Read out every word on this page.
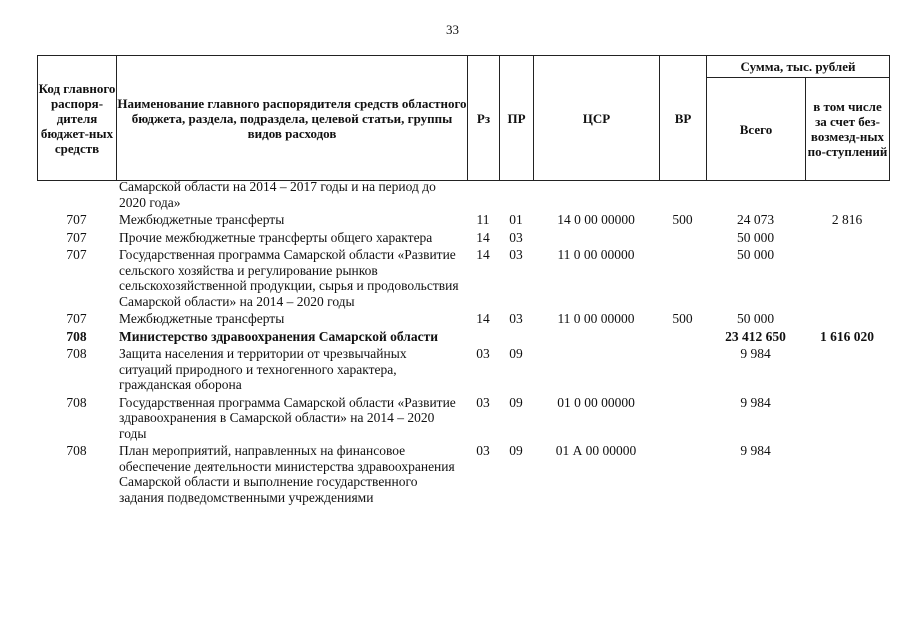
33
Код главного распоря-дителя бюджет-ных средств	Наименование главного распорядителя средств областного бюджета, раздела, подраздела, целевой статьи, группы видов расходов	Рз	ПР	ЦСР	ВР	Сумма, тыс. рублей	
						Всего	в том числе за счет без-возмезд-ных по-ступлений
	Самарской области на 2014 – 2017 годы и на период до 2020 года»						
707	Межбюджетные трансферты	11	01	14 0 00 00000	500	24 073	2 816
707	Прочие межбюджетные трансферты общего характера	14	03			50 000	
707	Государственная программа Самарской области «Развитие сельского хозяйства и регулирование рынков сельскохозяйственной продукции, сырья и продовольствия Самарской области» на 2014 – 2020 годы	14	03	11 0 00 00000		50 000	
707	Межбюджетные трансферты	14	03	11 0 00 00000	500	50 000	
708	Министерство здравоохранения Самарской области					23 412 650	1 616 020
708	Защита населения и территории от чрезвычайных ситуаций природного и техногенного характера, гражданская оборона	03	09			9 984	
708	Государственная программа Самарской области «Развитие здравоохранения в Самарской области» на 2014 – 2020 годы	03	09	01 0 00 00000		9 984	
708	План мероприятий, направленных на финансовое обеспечение деятельности министерства здравоохранения Самарской области и выполнение государственного задания подведомственными учреждениями	03	09	01 А 00 00000		9 984	
